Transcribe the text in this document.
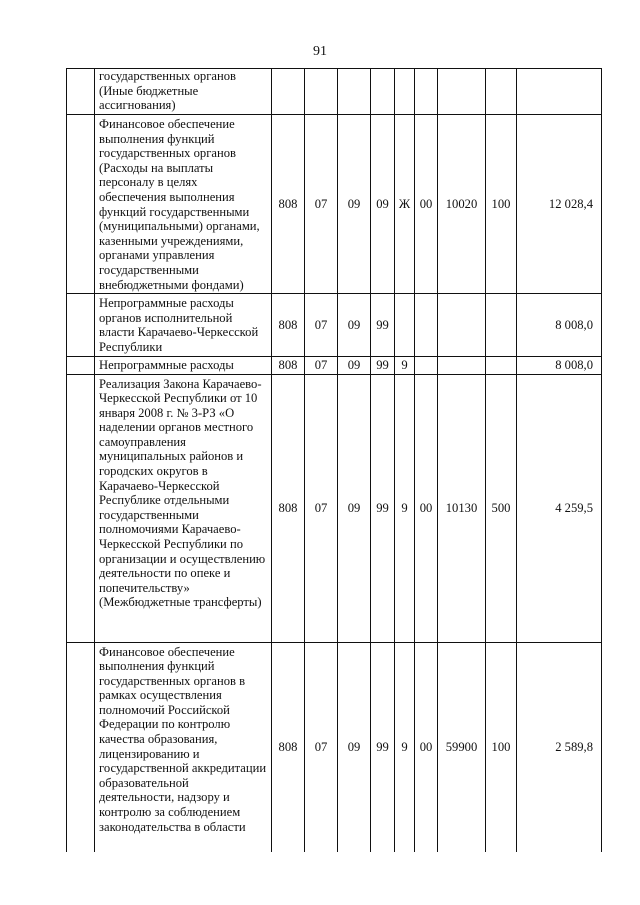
91
	государственных органов (Иные бюджетные ассигнования)									
	Финансовое обеспечение выполнения функций государственных органов (Расходы на выплаты персоналу в целях обеспечения выполнения функций государственными (муниципальными) органами, казенными учреждениями, органами управления государственными внебюджетными фондами)	808	07	09	09	Ж	00	10020	100	12 028,4
	Непрограммные расходы органов исполнительной власти Карачаево-Черкесской Республики	808	07	09	99					8 008,0
	Непрограммные расходы	808	07	09	99	9				8 008,0
	Реализация Закона Карачаево-Черкесской Республики от 10 января 2008 г. № 3-РЗ «О наделении органов местного самоуправления муниципальных районов и городских округов в Карачаево-Черкесской Республике отдельными государственными полномочиями Карачаево-Черкесской Республики по организации и осуществлению деятельности по опеке и попечительству» (Межбюджетные трансферты)	808	07	09	99	9	00	10130	500	4 259,5
	Финансовое обеспечение выполнения функций государственных органов в рамках осуществления полномочий Российской Федерации по контролю качества образования, лицензированию и государственной аккредитации образовательной деятельности, надзору и контролю за соблюдением законодательства в области	808	07	09	99	9	00	59900	100	2 589,8
